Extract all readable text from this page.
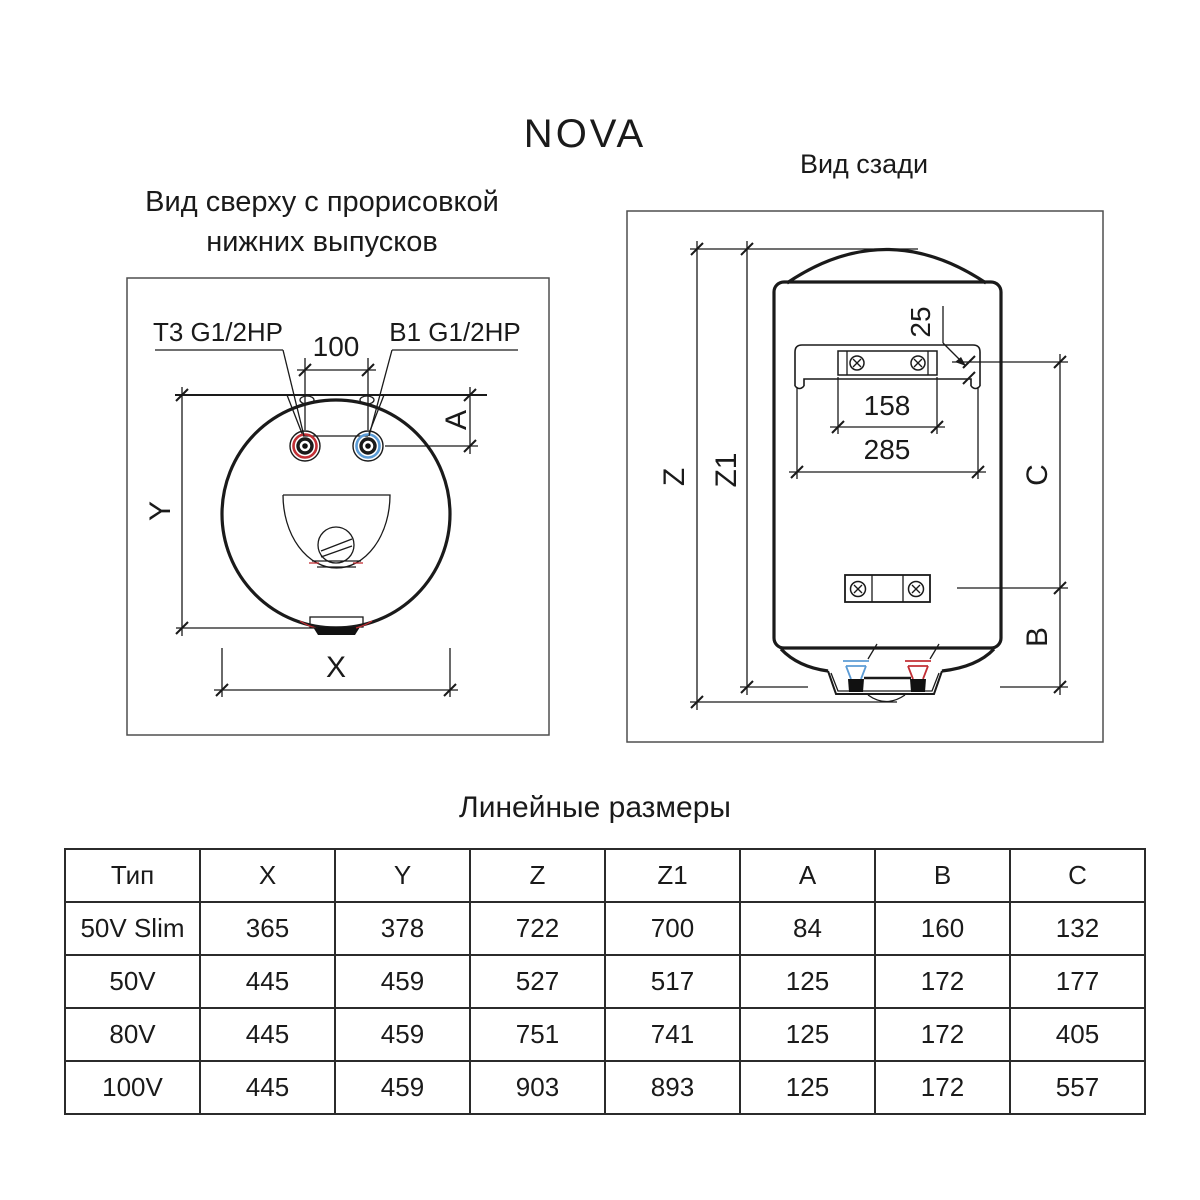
NOVA
Вид сверху с прорисовкой
нижних выпусков
Вид сзади
Т3 G1/2HP	В1 G1/2HP
100
A
Y
X
Z Z1
158
285
25
C
B
Линейные размеры
Тип	X	Y	Z	Z1	A	B	C
50V Slim	365	378	722	700	84	160	132
50V	445	459	527	517	125	172	177
80V	445	459	751	741	125	172	405
100V	445	459	903	893	125	172	557
